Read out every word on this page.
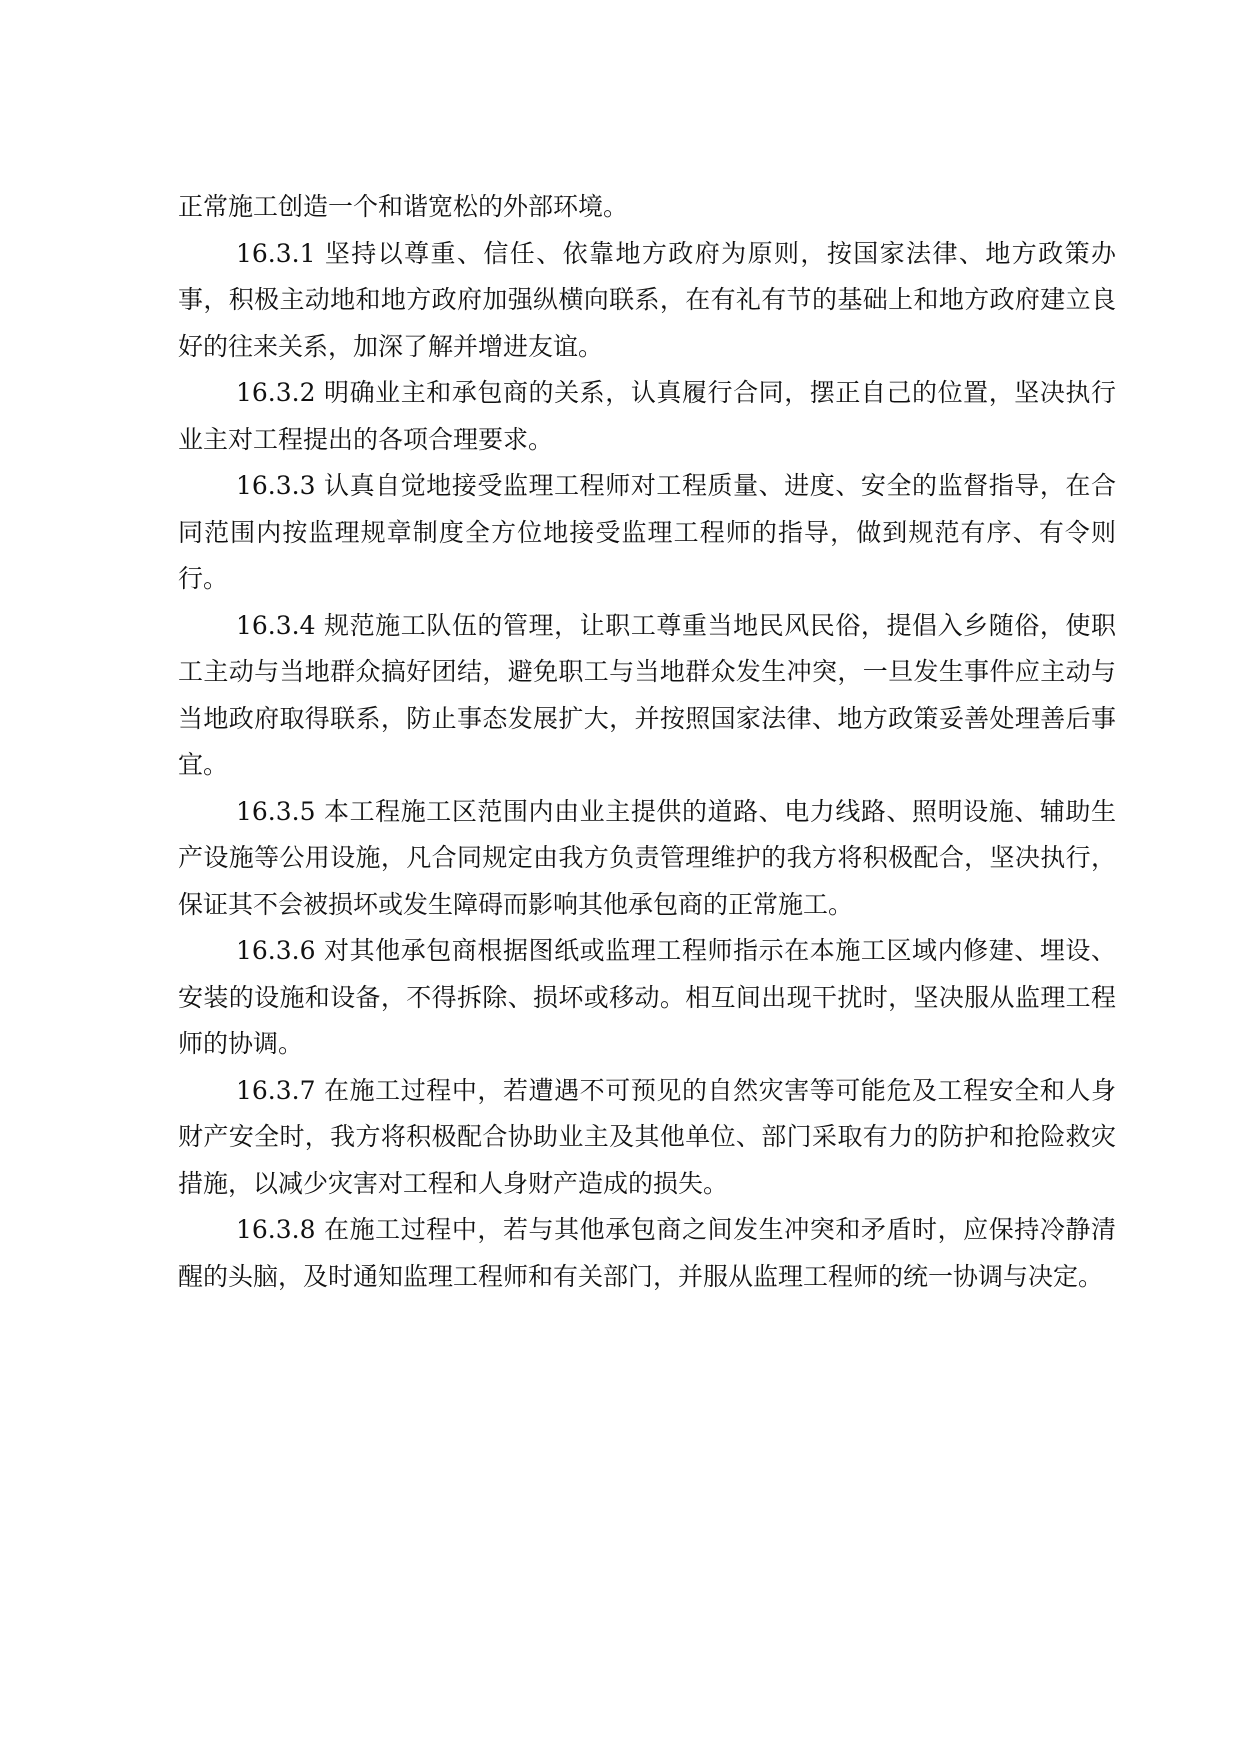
正常施工创造一个和谐宽松的外部环境。

16.3.1 坚持以尊重、信任、依靠地方政府为原则，按国家法律、地方政策办事，积极主动地和地方政府加强纵横向联系，在有礼有节的基础上和地方政府建立良好的往来关系，加深了解并增进友谊。

16.3.2 明确业主和承包商的关系，认真履行合同，摆正自己的位置，坚决执行业主对工程提出的各项合理要求。

16.3.3 认真自觉地接受监理工程师对工程质量、进度、安全的监督指导，在合同范围内按监理规章制度全方位地接受监理工程师的指导，做到规范有序、有令则行。

16.3.4 规范施工队伍的管理，让职工尊重当地民风民俗，提倡入乡随俗，使职工主动与当地群众搞好团结，避免职工与当地群众发生冲突，一旦发生事件应主动与当地政府取得联系，防止事态发展扩大，并按照国家法律、地方政策妥善处理善后事宜。

16.3.5 本工程施工区范围内由业主提供的道路、电力线路、照明设施、辅助生产设施等公用设施，凡合同规定由我方负责管理维护的我方将积极配合，坚决执行，保证其不会被损坏或发生障碍而影响其他承包商的正常施工。

16.3.6 对其他承包商根据图纸或监理工程师指示在本施工区域内修建、埋设、安装的设施和设备，不得拆除、损坏或移动。相互间出现干扰时，坚决服从监理工程师的协调。

16.3.7 在施工过程中，若遭遇不可预见的自然灾害等可能危及工程安全和人身财产安全时，我方将积极配合协助业主及其他单位、部门采取有力的防护和抢险救灾措施，以减少灾害对工程和人身财产造成的损失。

16.3.8 在施工过程中，若与其他承包商之间发生冲突和矛盾时，应保持冷静清醒的头脑，及时通知监理工程师和有关部门，并服从监理工程师的统一协调与决定。
